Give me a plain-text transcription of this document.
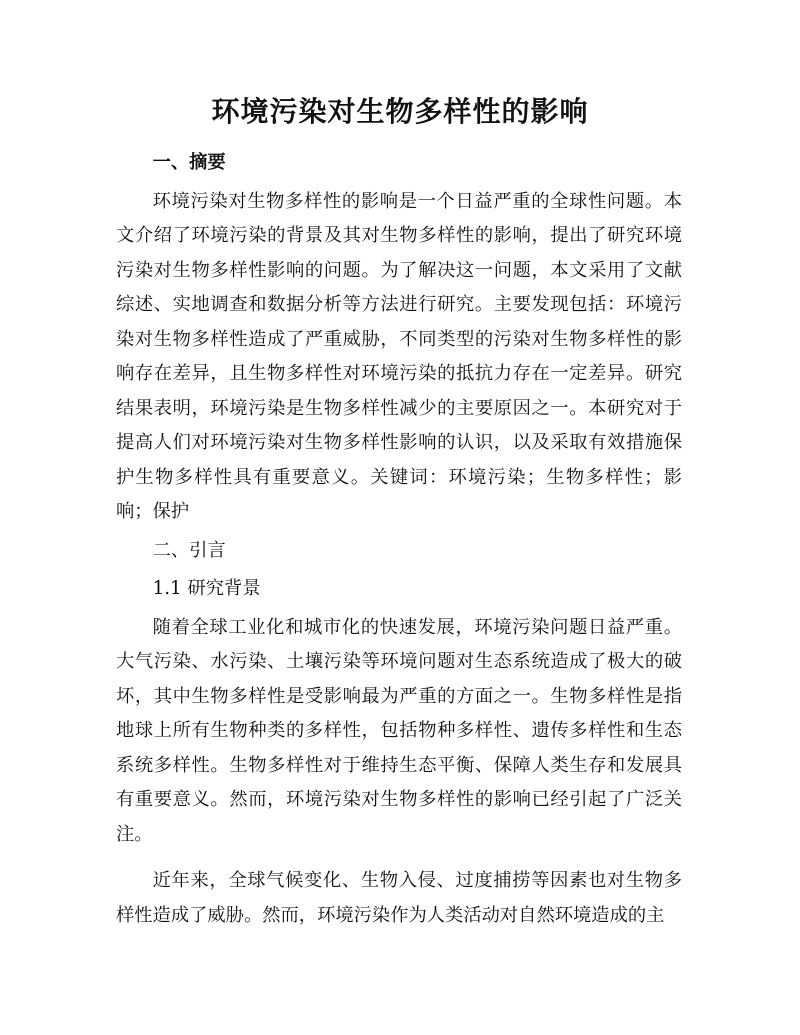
环境污染对生物多样性的影响

一、摘要

环境污染对生物多样性的影响是一个日益严重的全球性问题。本文介绍了环境污染的背景及其对生物多样性的影响，提出了研究环境污染对生物多样性影响的问题。为了解决这一问题，本文采用了文献综述、实地调查和数据分析等方法进行研究。主要发现包括：环境污染对生物多样性造成了严重威胁，不同类型的污染对生物多样性的影响存在差异，且生物多样性对环境污染的抵抗力存在一定差异。研究结果表明，环境污染是生物多样性减少的主要原因之一。本研究对于提高人们对环境污染对生物多样性影响的认识，以及采取有效措施保护生物多样性具有重要意义。关键词：环境污染；生物多样性；影响；保护

二、引言

1.1 研究背景

随着全球工业化和城市化的快速发展，环境污染问题日益严重。大气污染、水污染、土壤污染等环境问题对生态系统造成了极大的破坏，其中生物多样性是受影响最为严重的方面之一。生物多样性是指地球上所有生物种类的多样性，包括物种多样性、遗传多样性和生态系统多样性。生物多样性对于维持生态平衡、保障人类生存和发展具有重要意义。然而，环境污染对生物多样性的影响已经引起了广泛关注。

近年来，全球气候变化、生物入侵、过度捕捞等因素也对生物多样性造成了威胁。然而，环境污染作为人类活动对自然环境造成的主
